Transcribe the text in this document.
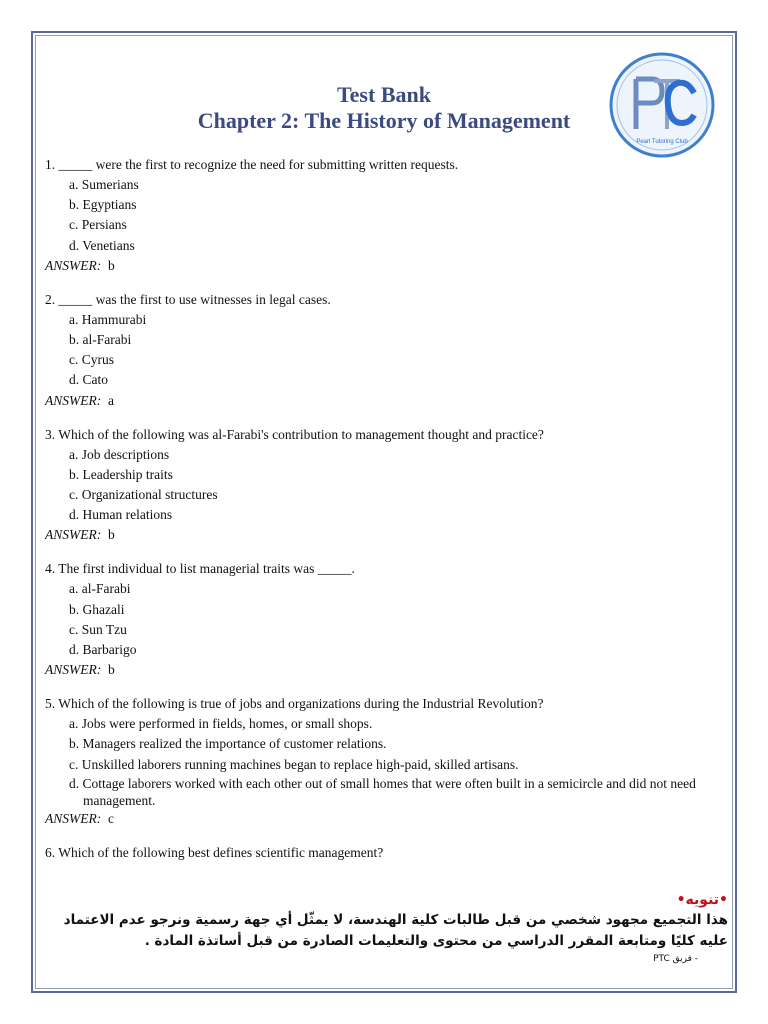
Pearl Tutoring Club
Test Bank
Chapter 2: The History of Management

1. _____ were the first to recognize the need for submitting written requests.

a. Sumerians
b. Egyptians
c. Persians
d. Venetians
ANSWER: b

2. _____ was the first to use witnesses in legal cases.

a. Hammurabi
b. al-Farabi
c. Cyrus
d. Cato
ANSWER: a

3. Which of the following was al-Farabi's contribution to management thought and practice?

a. Job descriptions
b. Leadership traits
c. Organizational structures
d. Human relations
ANSWER: b

4. The first individual to list managerial traits was _____.

a. al-Farabi
b. Ghazali
c. Sun Tzu
d. Barbarigo
ANSWER: b

5. Which of the following is true of jobs and organizations during the Industrial Revolution?

a. Jobs were performed in fields, homes, or small shops.
b. Managers realized the importance of customer relations.
c. Unskilled laborers running machines began to replace high-paid, skilled artisans.
d. Cottage laborers worked with each other out of small homes that were often built in a semicircle and did not need management.
ANSWER: c

6. Which of the following best defines scientific management?

•تنويه•
هذا التجميع مجهود شخصي من قبل طالبات كلية الهندسة، لا يمثّل أي جهة رسمية ونرجو عدم الاعتماد عليه كليًا ومتابعة المقرر الدراسي من محتوى والتعليمات الصادرة من قبل أساتذة المادة .
- فريق PTC
